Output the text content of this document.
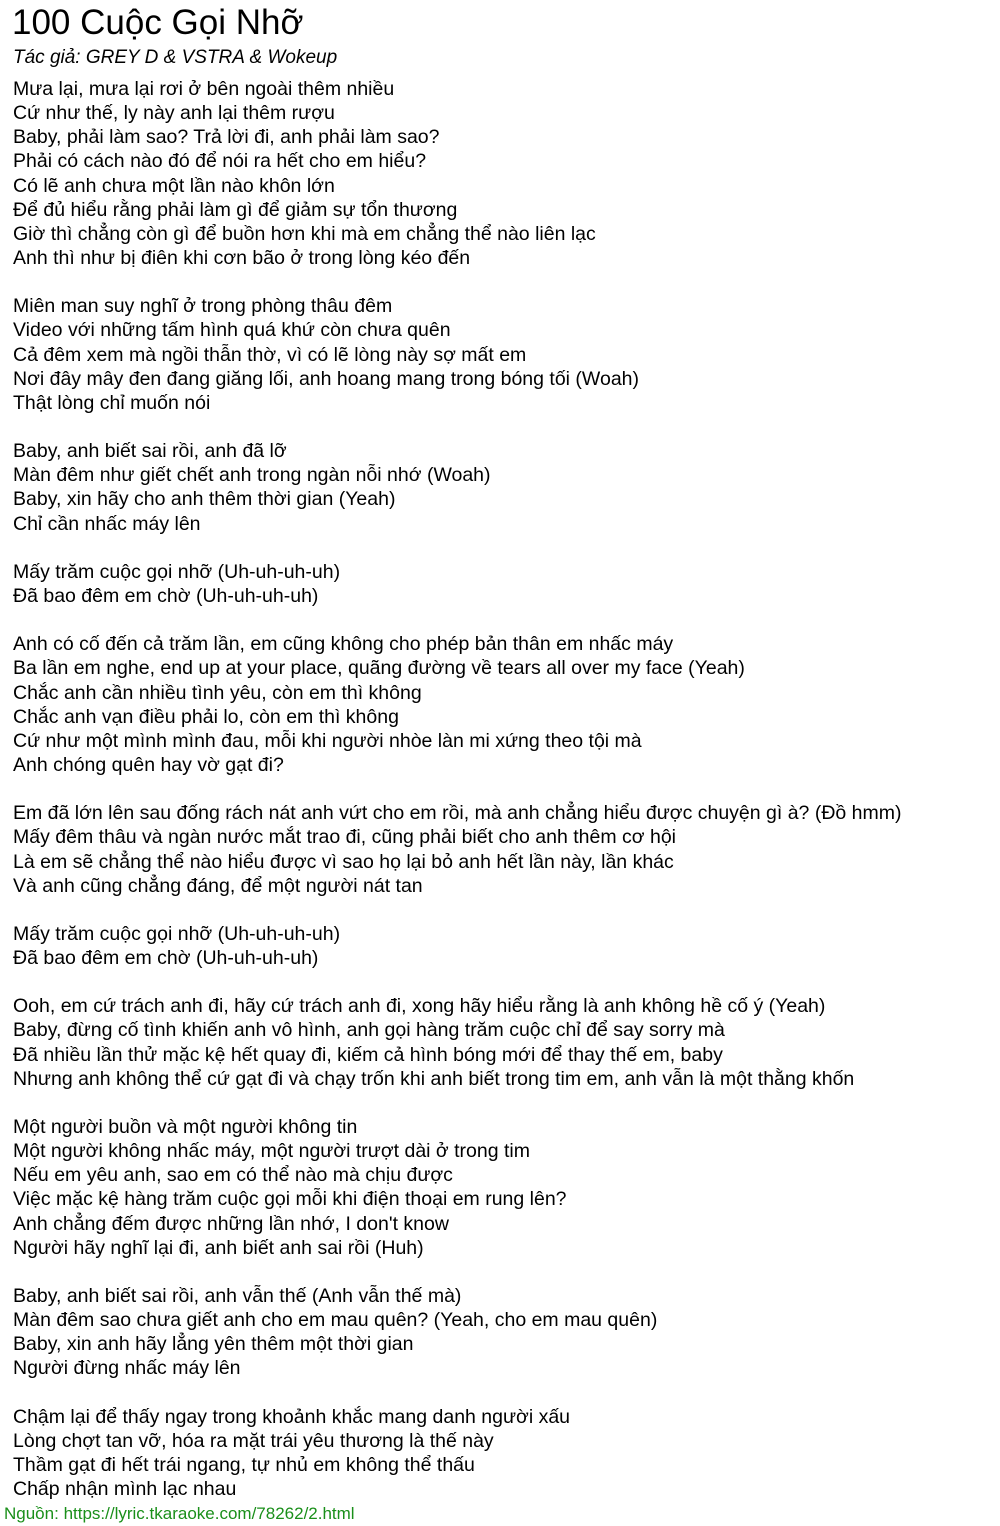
100 Cuộc Gọi Nhỡ
Tác giả: GREY D & VSTRA & Wokeup
Mưa lại, mưa lại rơi ở bên ngoài thêm nhiều
Cứ như thế, ly này anh lại thêm rượu
Baby, phải làm sao? Trả lời đi, anh phải làm sao?
Phải có cách nào đó để nói ra hết cho em hiểu?
Có lẽ anh chưa một lần nào khôn lớn
Để đủ hiểu rằng phải làm gì để giảm sự tổn thương
Giờ thì chẳng còn gì để buồn hơn khi mà em chẳng thể nào liên lạc
Anh thì như bị điên khi cơn bão ở trong lòng kéo đến
Miên man suy nghĩ ở trong phòng thâu đêm
Video với những tấm hình quá khứ còn chưa quên
Cả đêm xem mà ngồi thẫn thờ, vì có lẽ lòng này sợ mất em
Nơi đây mây đen đang giăng lối, anh hoang mang trong bóng tối (Woah)
Thật lòng chỉ muốn nói
Baby, anh biết sai rồi, anh đã lỡ
Màn đêm như giết chết anh trong ngàn nỗi nhớ (Woah)
Baby, xin hãy cho anh thêm thời gian (Yeah)
Chỉ cần nhấc máy lên
Mấy trăm cuộc gọi nhỡ (Uh-uh-uh-uh)
Đã bao đêm em chờ (Uh-uh-uh-uh)
Anh có cố đến cả trăm lần, em cũng không cho phép bản thân em nhấc máy
Ba lần em nghe, end up at your place, quãng đường về tears all over my face (Yeah)
Chắc anh cần nhiều tình yêu, còn em thì không
Chắc anh vạn điều phải lo, còn em thì không
Cứ như một mình mình đau, mỗi khi người nhòe làn mi xứng theo tội mà
Anh chóng quên hay vờ gạt đi?
Em đã lớn lên sau đống rách nát anh vứt cho em rồi, mà anh chẳng hiểu được chuyện gì à? (Đồ hmm)
Mấy đêm thâu và ngàn nước mắt trao đi, cũng phải biết cho anh thêm cơ hội
Là em sẽ chẳng thể nào hiểu được vì sao họ lại bỏ anh hết lần này, lần khác
Và anh cũng chẳng đáng, để một người nát tan
Mấy trăm cuộc gọi nhỡ (Uh-uh-uh-uh)
Đã bao đêm em chờ (Uh-uh-uh-uh)
Ooh, em cứ trách anh đi, hãy cứ trách anh đi, xong hãy hiểu rằng là anh không hề cố ý (Yeah)
Baby, đừng cố tình khiến anh vô hình, anh gọi hàng trăm cuộc chỉ để say sorry mà
Đã nhiều lần thử mặc kệ hết quay đi, kiếm cả hình bóng mới để thay thế em, baby
Nhưng anh không thể cứ gạt đi và chạy trốn khi anh biết trong tim em, anh vẫn là một thằng khốn
Một người buồn và một người không tin
Một người không nhấc máy, một người trượt dài ở trong tim
Nếu em yêu anh, sao em có thể nào mà chịu được
Việc mặc kệ hàng trăm cuộc gọi mỗi khi điện thoại em rung lên?
Anh chẳng đếm được những lần nhớ, I don't know
Người hãy nghĩ lại đi, anh biết anh sai rồi (Huh)
Baby, anh biết sai rồi, anh vẫn thế (Anh vẫn thế mà)
Màn đêm sao chưa giết anh cho em mau quên? (Yeah, cho em mau quên)
Baby, xin anh hãy lẳng yên thêm một thời gian
Người đừng nhấc máy lên
Chậm lại để thấy ngay trong khoảnh khắc mang danh người xấu
Lòng chợt tan vỡ, hóa ra mặt trái yêu thương là thế này
Thầm gạt đi hết trái ngang, tự nhủ em không thể thấu
Chấp nhận mình lạc nhau
Nguồn: https://lyric.tkaraoke.com/78262/2.html
